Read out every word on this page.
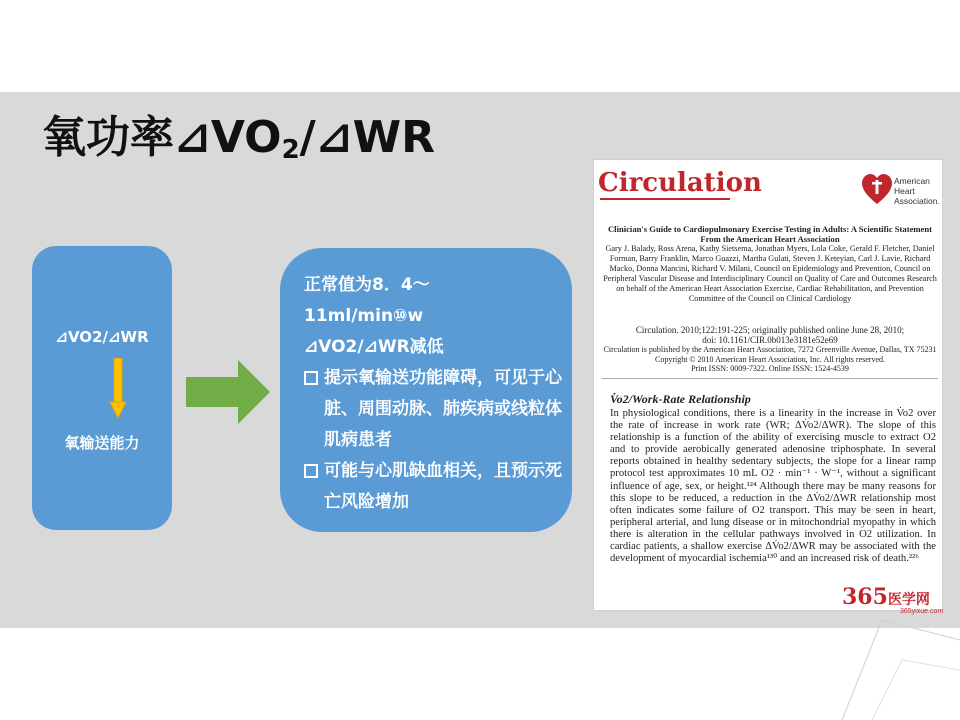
氧功率$⊿VO_2/⊿WR$
⊿VO2/⊿WR
氧输送能力
正常值为8．4～
11ml/min⑩w
⊿VO2/⊿WR减低
提示氧输送功能障碍，可见于心脏、周围动脉、肺疾病或线粒体肌病患者
可能与心肌缺血相关，且预示死亡风险增加
Circulation	American
Heart
Association.
Clinician's Guide to Cardiopulmonary Exercise Testing in Adults: A Scientific Statement From the American Heart Association
Gary J. Balady, Ross Arena, Kathy Sietsema, Jonathan Myers, Lola Coke, Gerald F. Fletcher, Daniel Forman, Barry Franklin, Marco Guazzi, Martha Gulati, Steven J. Keteyian, Carl J. Lavie, Richard Macko, Donna Mancini, Richard V. Milani, Council on Epidemiology and Prevention, Council on Peripheral Vascular Disease and Interdisciplinary Council on Quality of Care and Outcomes Research on behalf of the American Heart Association Exercise, Cardiac Rehabilitation, and Prevention Committee of the Council on Clinical Cardiology
Circulation. 2010;122:191-225; originally published online June 28, 2010;
doi: 10.1161/CIR.0b013e3181e52e69
Circulation is published by the American Heart Association, 7272 Greenville Avenue, Dallas, TX 75231
Copyright © 2010 American Heart Association, Inc. All rights reserved.
Print ISSN: 0009-7322. Online ISSN: 1524-4539
V̇o2/Work-Rate Relationship
In physiological conditions, there is a linearity in the increase in V̇o2 over the rate of increase in work rate (WR; ΔV̇o2/ΔWR). The slope of this relationship is a function of the ability of exercising muscle to extract O2 and to provide aerobically generated adenosine triphosphate. In several reports obtained in healthy sedentary subjects, the slope for a linear ramp protocol test approximates 10 mL O2 · min⁻¹ · W⁻¹, without a significant influence of age, sex, or height.¹²⁴ Although there may be many reasons for this slope to be reduced, a reduction in the ΔV̇o2/ΔWR relationship most often indicates some failure of O2 transport. This may be seen in heart, peripheral arterial, and lung disease or in mitochondrial myopathy in which there is alteration in the cellular pathways involved in O2 utilization. In cardiac patients, a shallow exercise ΔV̇o2/ΔWR may be associated with the development of myocardial ischemia¹³⁰ and an increased risk of death.²²⁶
365医学网
365yixue.com
